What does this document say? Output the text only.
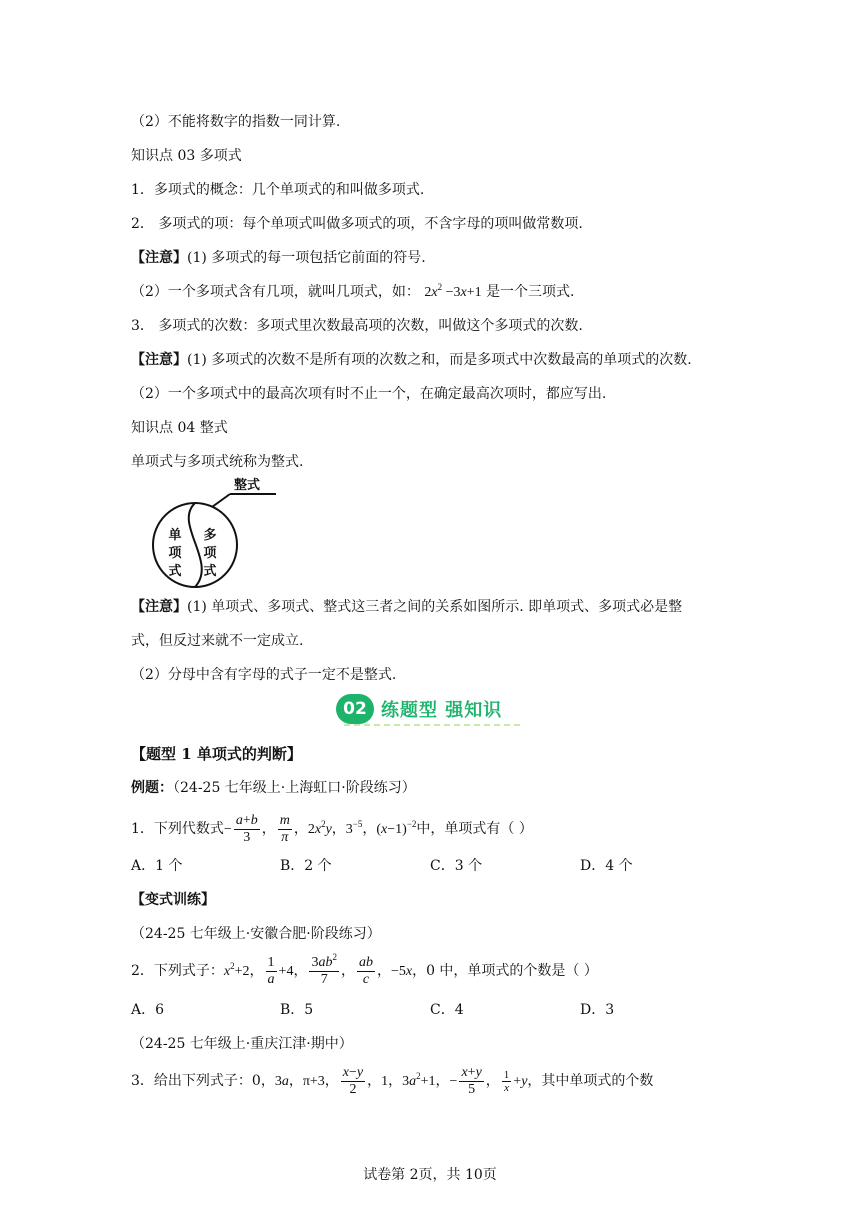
（2）不能将数字的指数一同计算.
知识点 03 多项式
1．多项式的概念：几个单项式的和叫做多项式.
2． 多项式的项：每个单项式叫做多项式的项，不含字母的项叫做常数项.
【注意】(1) 多项式的每一项包括它前面的符号.
（2）一个多项式含有几项，就叫几项式，如： $2x^2 -3x+1$ 是一个三项式.
3． 多项式的次数：多项式里次数最高项的次数，叫做这个多项式的次数.
【注意】(1) 多项式的次数不是所有项的次数之和，而是多项式中次数最高的单项式的次数.
（2）一个多项式中的最高次项有时不止一个，在确定最高次项时，都应写出.
知识点 04 整式
单项式与多项式统称为整式.
整式
单
项
式
多
项
式
【注意】(1) 单项式、多项式、整式这三者之间的关系如图所示. 即单项式、多项式必是整
式，但反过来就不一定成立.
（2）分母中含有字母的式子一定不是整式.
02 练题型 强知识
【题型 1 单项式的判断】
例题：（24-25 七年级上·上海虹口·阶段练习）
1．下列代数式− $\frac{a+b}{3}$ ， $\frac{m}{\pi}$ ，$2x^2y$，$3^{-5}$，$(x-1)^{-2}$中，单项式有（ ）
A．1 个	B．2 个	C．3 个	D．4 个
【变式训练】
（24-25 七年级上·安徽合肥·阶段练习）
2．下列式子：$x^2+2$， $\frac{1}{a} +4$， $\frac{3ab^2}{7}$ ， $\frac{ab}{c}$ ，−5x，0 中，单项式的个数是（ ）
A．6	B．5	C．4	D．3
（24-25 七年级上·重庆江津·期中）
3．给出下列式子：0，3a，π+3， $\frac{x-y}{2}$ ，1，$3a^2+1$，− $\frac{x+y}{5}$ ， $\frac{1}{x} +y$，其中单项式的个数
试卷第 2页，共 10页
